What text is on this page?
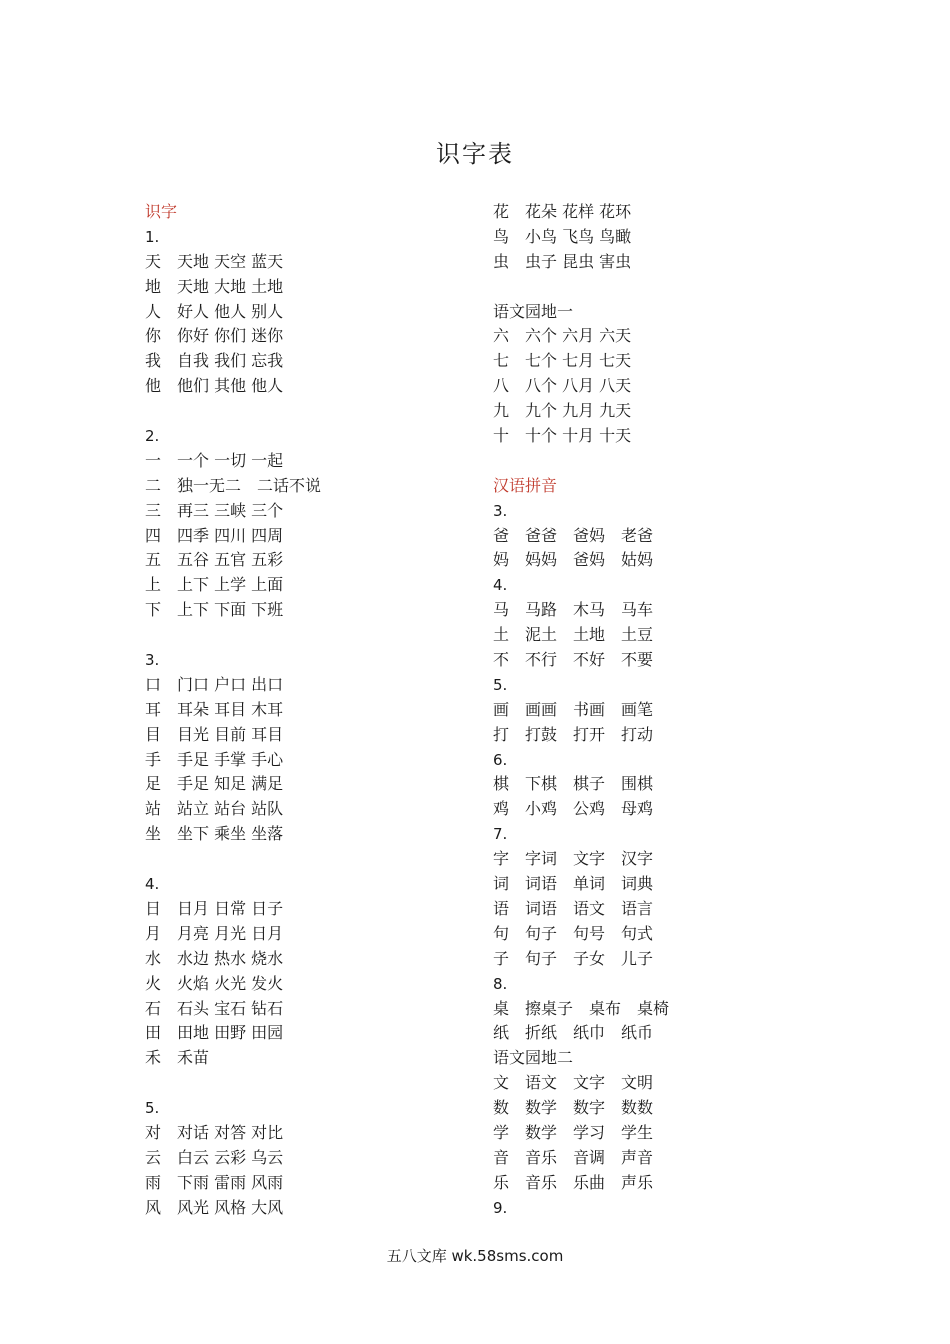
识字表
识字
1.
天　天地 天空 蓝天
地　天地 大地 土地
人　好人 他人 别人
你　你好 你们 迷你
我　自我 我们 忘我
他　他们 其他 他人
2.
一　一个 一切 一起
二　独一无二　二话不说
三　再三 三峡 三个
四　四季 四川 四周
五　五谷 五官 五彩
上　上下 上学 上面
下　上下 下面 下班
3.
口　门口 户口 出口
耳　耳朵 耳目 木耳
目　目光 目前 耳目
手　手足 手掌 手心
足　手足 知足 满足
站　站立 站台 站队
坐　坐下 乘坐 坐落
4.
日　日月 日常 日子
月　月亮 月光 日月
水　水边 热水 烧水
火　火焰 火光 发火
石　石头 宝石 钻石
田　田地 田野 田园
禾　禾苗
5.
对　对话 对答 对比
云　白云 云彩 乌云
雨　下雨 雷雨 风雨
风　风光 风格 大风
花　花朵 花样 花环
鸟　小鸟 飞鸟 鸟瞰
虫　虫子 昆虫 害虫
语文园地一
六　六个 六月 六天
七　七个 七月 七天
八　八个 八月 八天
九　九个 九月 九天
十　十个 十月 十天
汉语拼音
3.
爸　爸爸　爸妈　老爸
妈　妈妈　爸妈　姑妈
4.
马　马路　木马　马车
土　泥土　土地　土豆
不　不行　不好　不要
5.
画　画画　书画　画笔
打　打鼓　打开　打动
6.
棋　下棋　棋子　围棋
鸡　小鸡　公鸡　母鸡
7.
字　字词　文字　汉字
词　词语　单词　词典
语　词语　语文　语言
句　句子　句号　句式
子　句子　子女　儿子
8.
桌　擦桌子　桌布　桌椅
纸　折纸　纸巾　纸币
语文园地二
文　语文　文字　文明
数　数学　数字　数数
学　数学　学习　学生
音　音乐　音调　声音
乐　音乐　乐曲　声乐
9.
五八文库 wk.58sms.com
